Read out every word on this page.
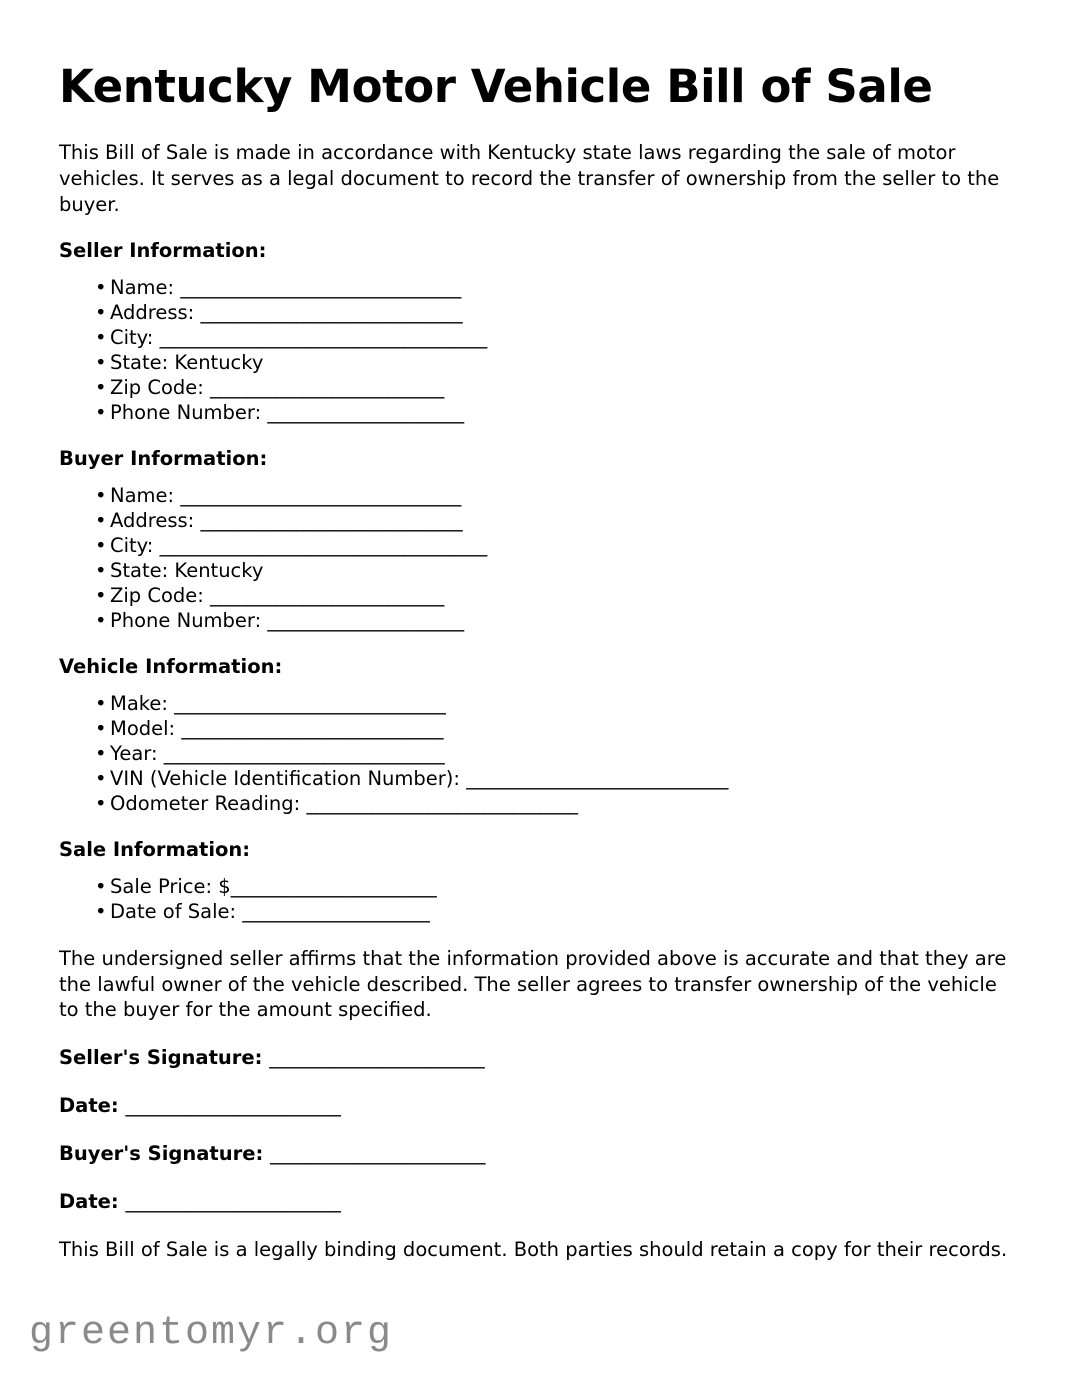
Kentucky Motor Vehicle Bill of Sale

This Bill of Sale is made in accordance with Kentucky state laws regarding the sale of motor vehicles. It serves as a legal document to record the transfer of ownership from the seller to the buyer.

Seller Information:
• Name: ______________________________
• Address: ____________________________
• City: ___________________________________
• State: Kentucky
• Zip Code: _________________________
• Phone Number: _____________________
Buyer Information:
• Name: ______________________________
• Address: ____________________________
• City: ___________________________________
• State: Kentucky
• Zip Code: _________________________
• Phone Number: _____________________
Vehicle Information:
• Make: _____________________________
• Model: ____________________________
• Year: ______________________________
• VIN (Vehicle Identification Number): ____________________________
• Odometer Reading: _____________________________
Sale Information:
• Sale Price: $______________________
• Date of Sale: ____________________

The undersigned seller affirms that the information provided above is accurate and that they are the lawful owner of the vehicle described. The seller agrees to transfer ownership of the vehicle to the buyer for the amount specified.

Seller's Signature: _______________________
Date: _______________________
Buyer's Signature: _______________________
Date: _______________________

This Bill of Sale is a legally binding document. Both parties should retain a copy for their records.

greentomyr.org
